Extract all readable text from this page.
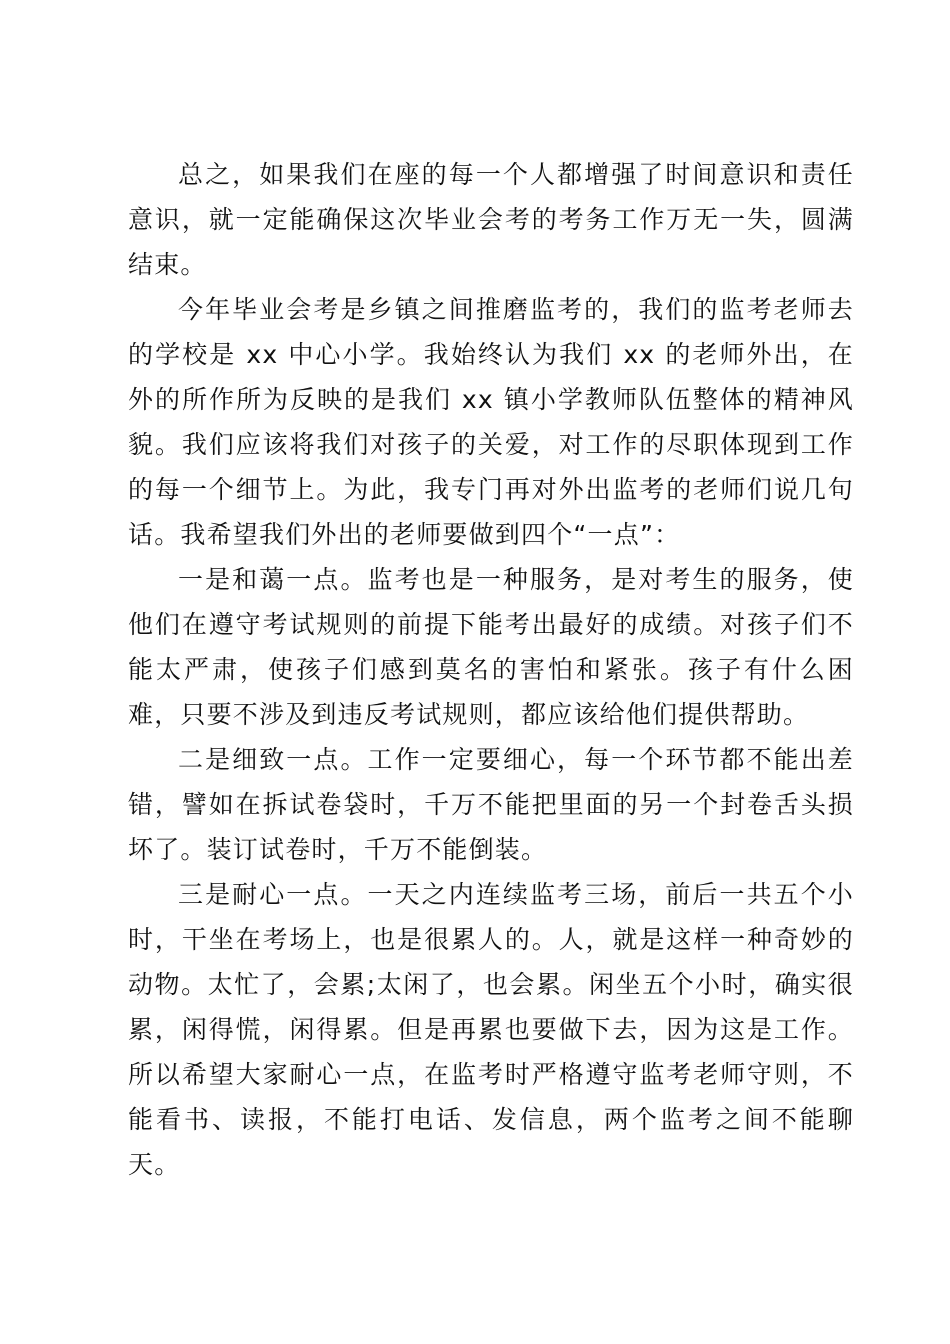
总之，如果我们在座的每一个人都增强了时间意识和责任意识，就一定能确保这次毕业会考的考务工作万无一失，圆满结束。

今年毕业会考是乡镇之间推磨监考的，我们的监考老师去的学校是 xx 中心小学。我始终认为我们 xx 的老师外出，在外的所作所为反映的是我们 xx 镇小学教师队伍整体的精神风貌。我们应该将我们对孩子的关爱，对工作的尽职体现到工作的每一个细节上。为此，我专门再对外出监考的老师们说几句话。我希望我们外出的老师要做到四个“一点”：

一是和蔼一点。监考也是一种服务，是对考生的服务，使他们在遵守考试规则的前提下能考出最好的成绩。对孩子们不能太严肃，使孩子们感到莫名的害怕和紧张。孩子有什么困难，只要不涉及到违反考试规则，都应该给他们提供帮助。

二是细致一点。工作一定要细心，每一个环节都不能出差错，譬如在拆试卷袋时，千万不能把里面的另一个封卷舌头损坏了。装订试卷时，千万不能倒装。

三是耐心一点。一天之内连续监考三场，前后一共五个小时，干坐在考场上，也是很累人的。人，就是这样一种奇妙的动物。太忙了，会累;太闲了，也会累。闲坐五个小时，确实很累，闲得慌，闲得累。但是再累也要做下去，因为这是工作。所以希望大家耐心一点，在监考时严格遵守监考老师守则，不能看书、读报，不能打电话、发信息，两个监考之间不能聊天。
